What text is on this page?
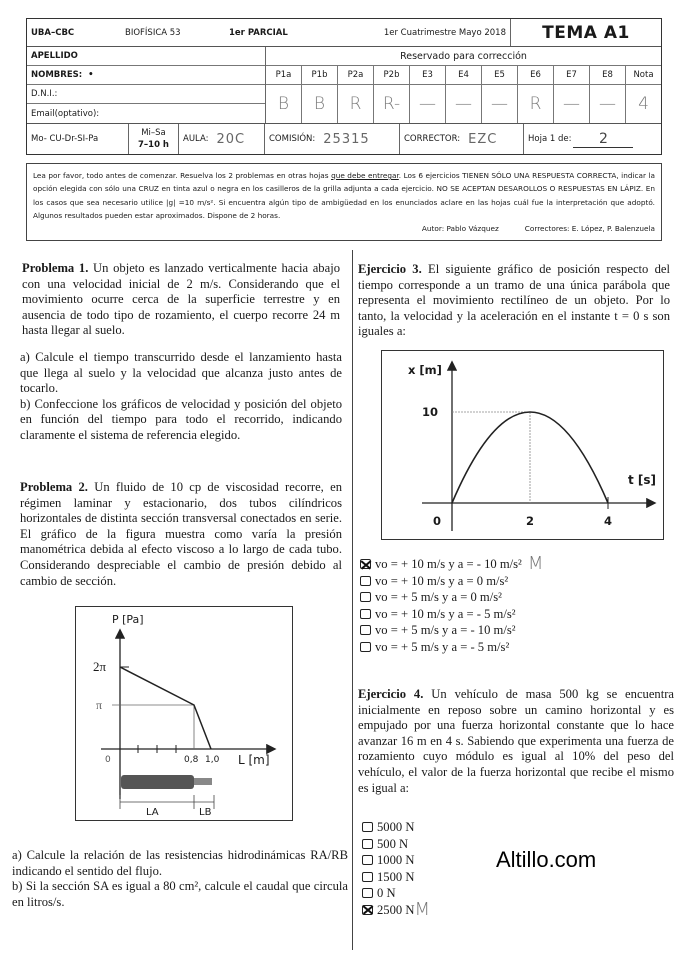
UBA–CBC	BIOFÍSICA 53	1er PARCIAL	1er Cuatrimestre Mayo 2018	TEMA A1
APELLIDO
NOMBRES:
•
D.N.I.:
Email(optativo):
Reservado para corrección
P1a	P1b	P2a	P2b	E3	E4	E5	E6	E7	E8	Nota
B	B	R	R-	—	—	—	R	—	—	4
Mo- CU-Dr-SI-Pa
Mi–Sa
7–10 h
AULA: 20C	COMISIÓN: 25315	CORRECTOR: EZC	Hoja 1 de:	2
Lea por favor, todo antes de comenzar. Resuelva los 2 problemas en otras hojas que debe entregar. Los 6 ejercicios TIENEN SÓLO UNA RESPUESTA CORRECTA, indicar la opción elegida con sólo una CRUZ en tinta azul o negra en los casilleros de la grilla adjunta a cada ejercicio. NO SE ACEPTAN DESAROLLOS O RESPUESTAS EN LÁPIZ. En los casos que sea necesario utilice |g| =10 m/s². Si encuentra algún tipo de ambigüedad en los enunciados aclare en las hojas cuál fue la interpretación que adoptó. Algunos resultados pueden estar aproximados. Dispone de 2 horas.
Autor: Pablo Vázquez	Correctores: E. López, P. Balenzuela
Problema 1. Un objeto es lanzado verticalmente hacia abajo con una velocidad inicial de 2 m/s. Considerando que el movimiento ocurre cerca de la superficie terrestre y en ausencia de todo tipo de rozamiento, el cuerpo recorre 24 m hasta llegar al suelo.
a) Calcule el tiempo transcurrido desde el lanzamiento hasta que llega al suelo y la velocidad que alcanza justo antes de tocarlo.
b) Confeccione los gráficos de velocidad y posición del objeto en función del tiempo para todo el recorrido, indicando claramente el sistema de referencia elegido.
Problema 2. Un fluido de 10 cp de viscosidad recorre, en régimen laminar y estacionario, dos tubos cilíndricos horizontales de distinta sección transversal conectados en serie. El gráfico de la figura muestra como varía la presión manométrica debida al efecto viscoso a lo largo de cada tubo. Considerando despreciable el cambio de presión debido al cambio de sección.
P [Pa]
2π
π
0	0,8 1,0 L [m]
LA	LB
a) Calcule la relación de las resistencias hidrodinámicas RA/RB indicando el sentido del flujo.
b) Si la sección SA es igual a 80 cm², calcule el caudal que circula en litros/s.
Ejercicio 3. El siguiente gráfico de posición respecto del tiempo corresponde a un tramo de una única parábola que representa el movimiento rectilíneo de un objeto. Por lo tanto, la velocidad y la aceleración en el instante t = 0 s son iguales a:
x [m]
10
t [s]
0	2	4
vo = + 10 m/s y a = - 10 m/s² M
vo = + 10 m/s y a = 0 m/s²
vo = + 5 m/s y a = 0 m/s²
vo = + 10 m/s y a = - 5 m/s²
vo = + 5 m/s y a = - 10 m/s²
vo = + 5 m/s y a = - 5 m/s²
Ejercicio 4. Un vehículo de masa 500 kg se encuentra inicialmente en reposo sobre un camino horizontal y es empujado por una fuerza horizontal constante que lo hace avanzar 16 m en 4 s. Sabiendo que experimenta una fuerza de rozamiento cuyo módulo es igual al 10% del peso del vehículo, el valor de la fuerza horizontal que recibe el mismo es igual a:
5000 N
500 N
1000 N
1500 N
0 N
2500 N M
Altillo.com
